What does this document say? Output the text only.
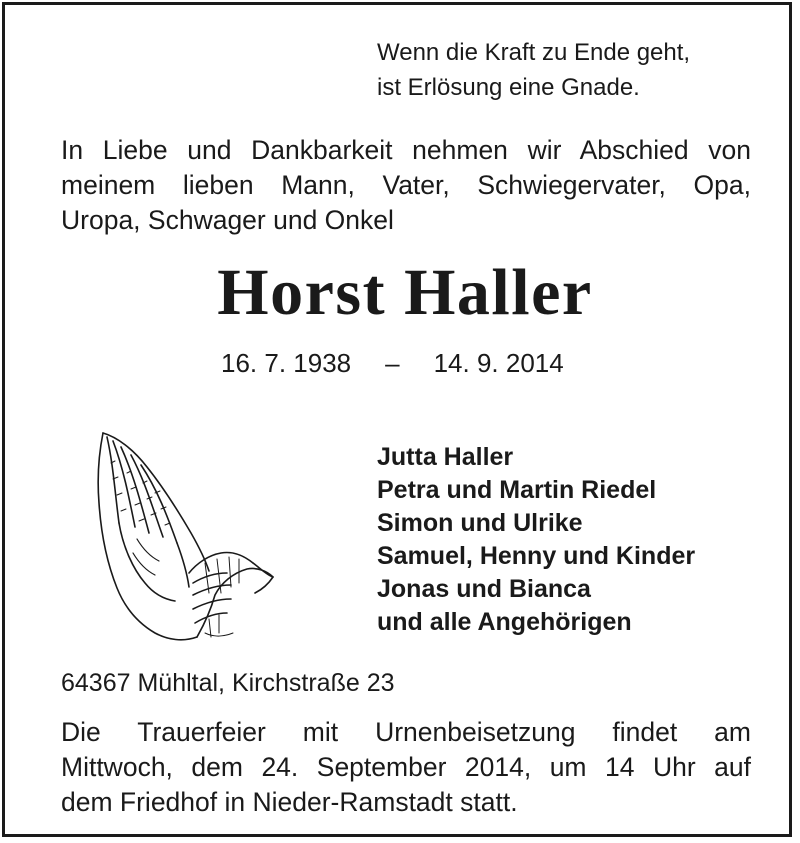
Wenn die Kraft zu Ende geht,
ist Erlösung eine Gnade.
In Liebe und Dankbarkeit nehmen wir Abschied von
meinem lieben Mann, Vater, Schwiegervater, Opa,
Uropa, Schwager und Onkel
Horst Haller
16. 7. 1938 – 14. 9. 2014
Jutta Haller
Petra und Martin Riedel
Simon und Ulrike
Samuel, Henny und Kinder
Jonas und Bianca
und alle Angehörigen
64367 Mühltal, Kirchstraße 23
Die Trauerfeier mit Urnenbeisetzung findet am
Mittwoch, dem 24. September 2014, um 14 Uhr auf
dem Friedhof in Nieder-Ramstadt statt.
